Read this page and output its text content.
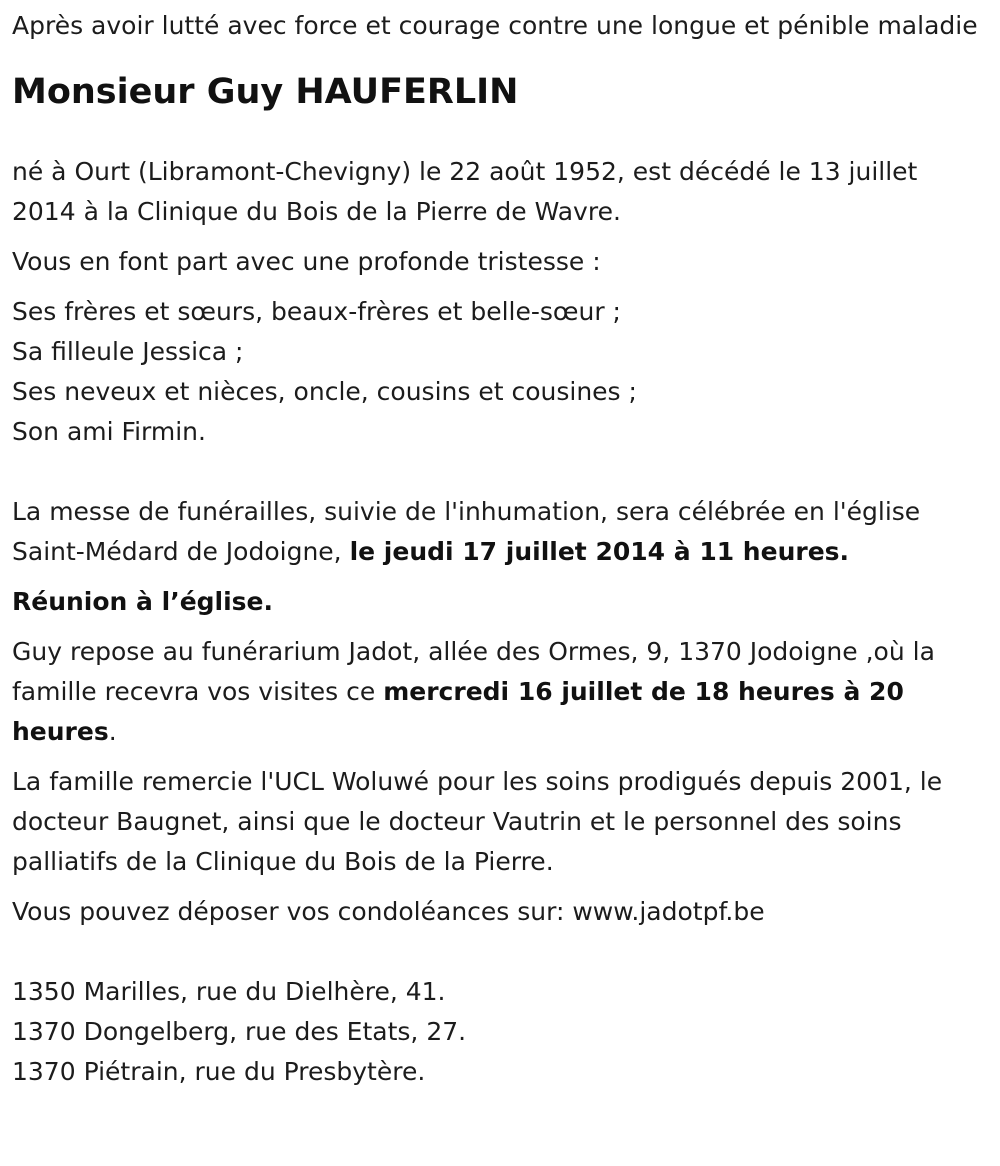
Après avoir lutté avec force et courage contre une longue et pénible maladie

Monsieur Guy HAUFERLIN

né à Ourt (Libramont-Chevigny) le 22 août 1952, est décédé le 13 juillet 2014 à la Clinique du Bois de la Pierre de Wavre.

Vous en font part avec une profonde tristesse :

Ses frères et sœurs, beaux-frères et belle-sœur ;

Sa filleule Jessica ;

Ses neveux et nièces, oncle, cousins et cousines ;

Son ami Firmin.

La messe de funérailles, suivie de l'inhumation, sera célébrée en l'église Saint-Médard de Jodoigne, le jeudi 17 juillet 2014 à 11 heures.

Réunion à l’église.

Guy repose au funérarium Jadot, allée des Ormes, 9, 1370 Jodoigne ,où la famille recevra vos visites ce mercredi 16 juillet de 18 heures à 20 heures.

La famille remercie l'UCL Woluwé pour les soins prodigués depuis 2001, le docteur Baugnet, ainsi que le docteur Vautrin et le personnel des soins palliatifs de la Clinique du Bois de la Pierre.

Vous pouvez déposer vos condoléances sur: www.jadotpf.be

1350 Marilles, rue du Dielhère, 41.

1370 Dongelberg, rue des Etats, 27.

1370 Piétrain, rue du Presbytère.
